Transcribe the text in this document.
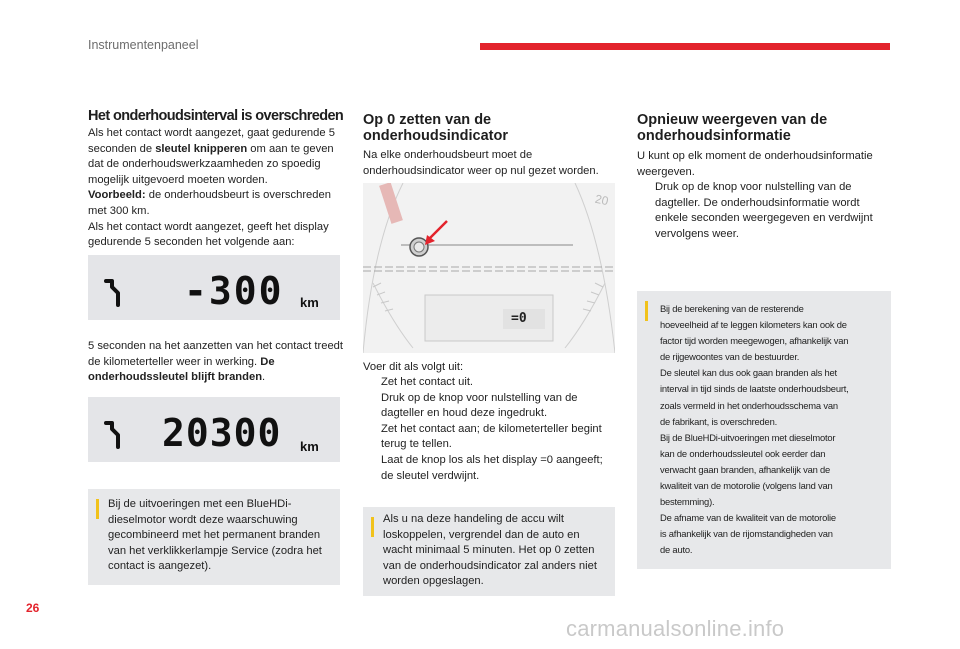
Instrumentenpaneel
Het onderhoudsinterval is overschreden

Als het contact wordt aangezet, gaat gedurende 5 seconden de sleutel knipperen om aan te geven dat de onderhoudswerkzaamheden zo spoedig mogelijk uitgevoerd moeten worden.
Voorbeeld: de onderhoudsbeurt is overschreden met 300 km.
Als het contact wordt aangezet, geeft het display gedurende 5 seconden het volgende aan:

-300 km

5 seconden na het aanzetten van het contact treedt de kilometerteller weer in werking. De onderhoudssleutel blijft branden.

20300 km

Bij de uitvoeringen met een BlueHDi-dieselmotor wordt deze waarschuwing gecombineerd met het permanent branden van het verklikkerlampje Service (zodra het contact is aangezet).

Op 0 zetten van de onderhoudsindicator

Na elke onderhoudsbeurt moet de onderhoudsindicator weer op nul gezet worden.

20
=0

Voer dit als volgt uit:

Zet het contact uit.
Druk op de knop voor nulstelling van de dagteller en houd deze ingedrukt.
Zet het contact aan; de kilometerteller begint terug te tellen.
Laat de knop los als het display =0 aangeeft; de sleutel verdwijnt.

Als u na deze handeling de accu wilt loskoppelen, vergrendel dan de auto en wacht minimaal 5 minuten. Het op 0 zetten van de onderhoudsindicator zal anders niet worden opgeslagen.

Opnieuw weergeven van de onderhoudsinformatie

U kunt op elk moment de onderhoudsinformatie weergeven.

Druk op de knop voor nulstelling van de dagteller. De onderhoudsinformatie wordt enkele seconden weergegeven en verdwijnt vervolgens weer.
Bij de berekening van de resterende
hoeveelheid af te leggen kilometers kan ook de
factor tijd worden meegewogen, afhankelijk van
de rijgewoontes van de bestuurder.
De sleutel kan dus ook gaan branden als het
interval in tijd sinds de laatste onderhoudsbeurt,
zoals vermeld in het onderhoudsschema van
de fabrikant, is overschreden.
Bij de BlueHDi-uitvoeringen met dieselmotor
kan de onderhoudssleutel ook eerder dan
verwacht gaan branden, afhankelijk van de
kwaliteit van de motorolie (volgens land van
bestemming).
De afname van de kwaliteit van de motorolie
is afhankelijk van de rijomstandigheden van
de auto.
26
carmanualsonline.info
